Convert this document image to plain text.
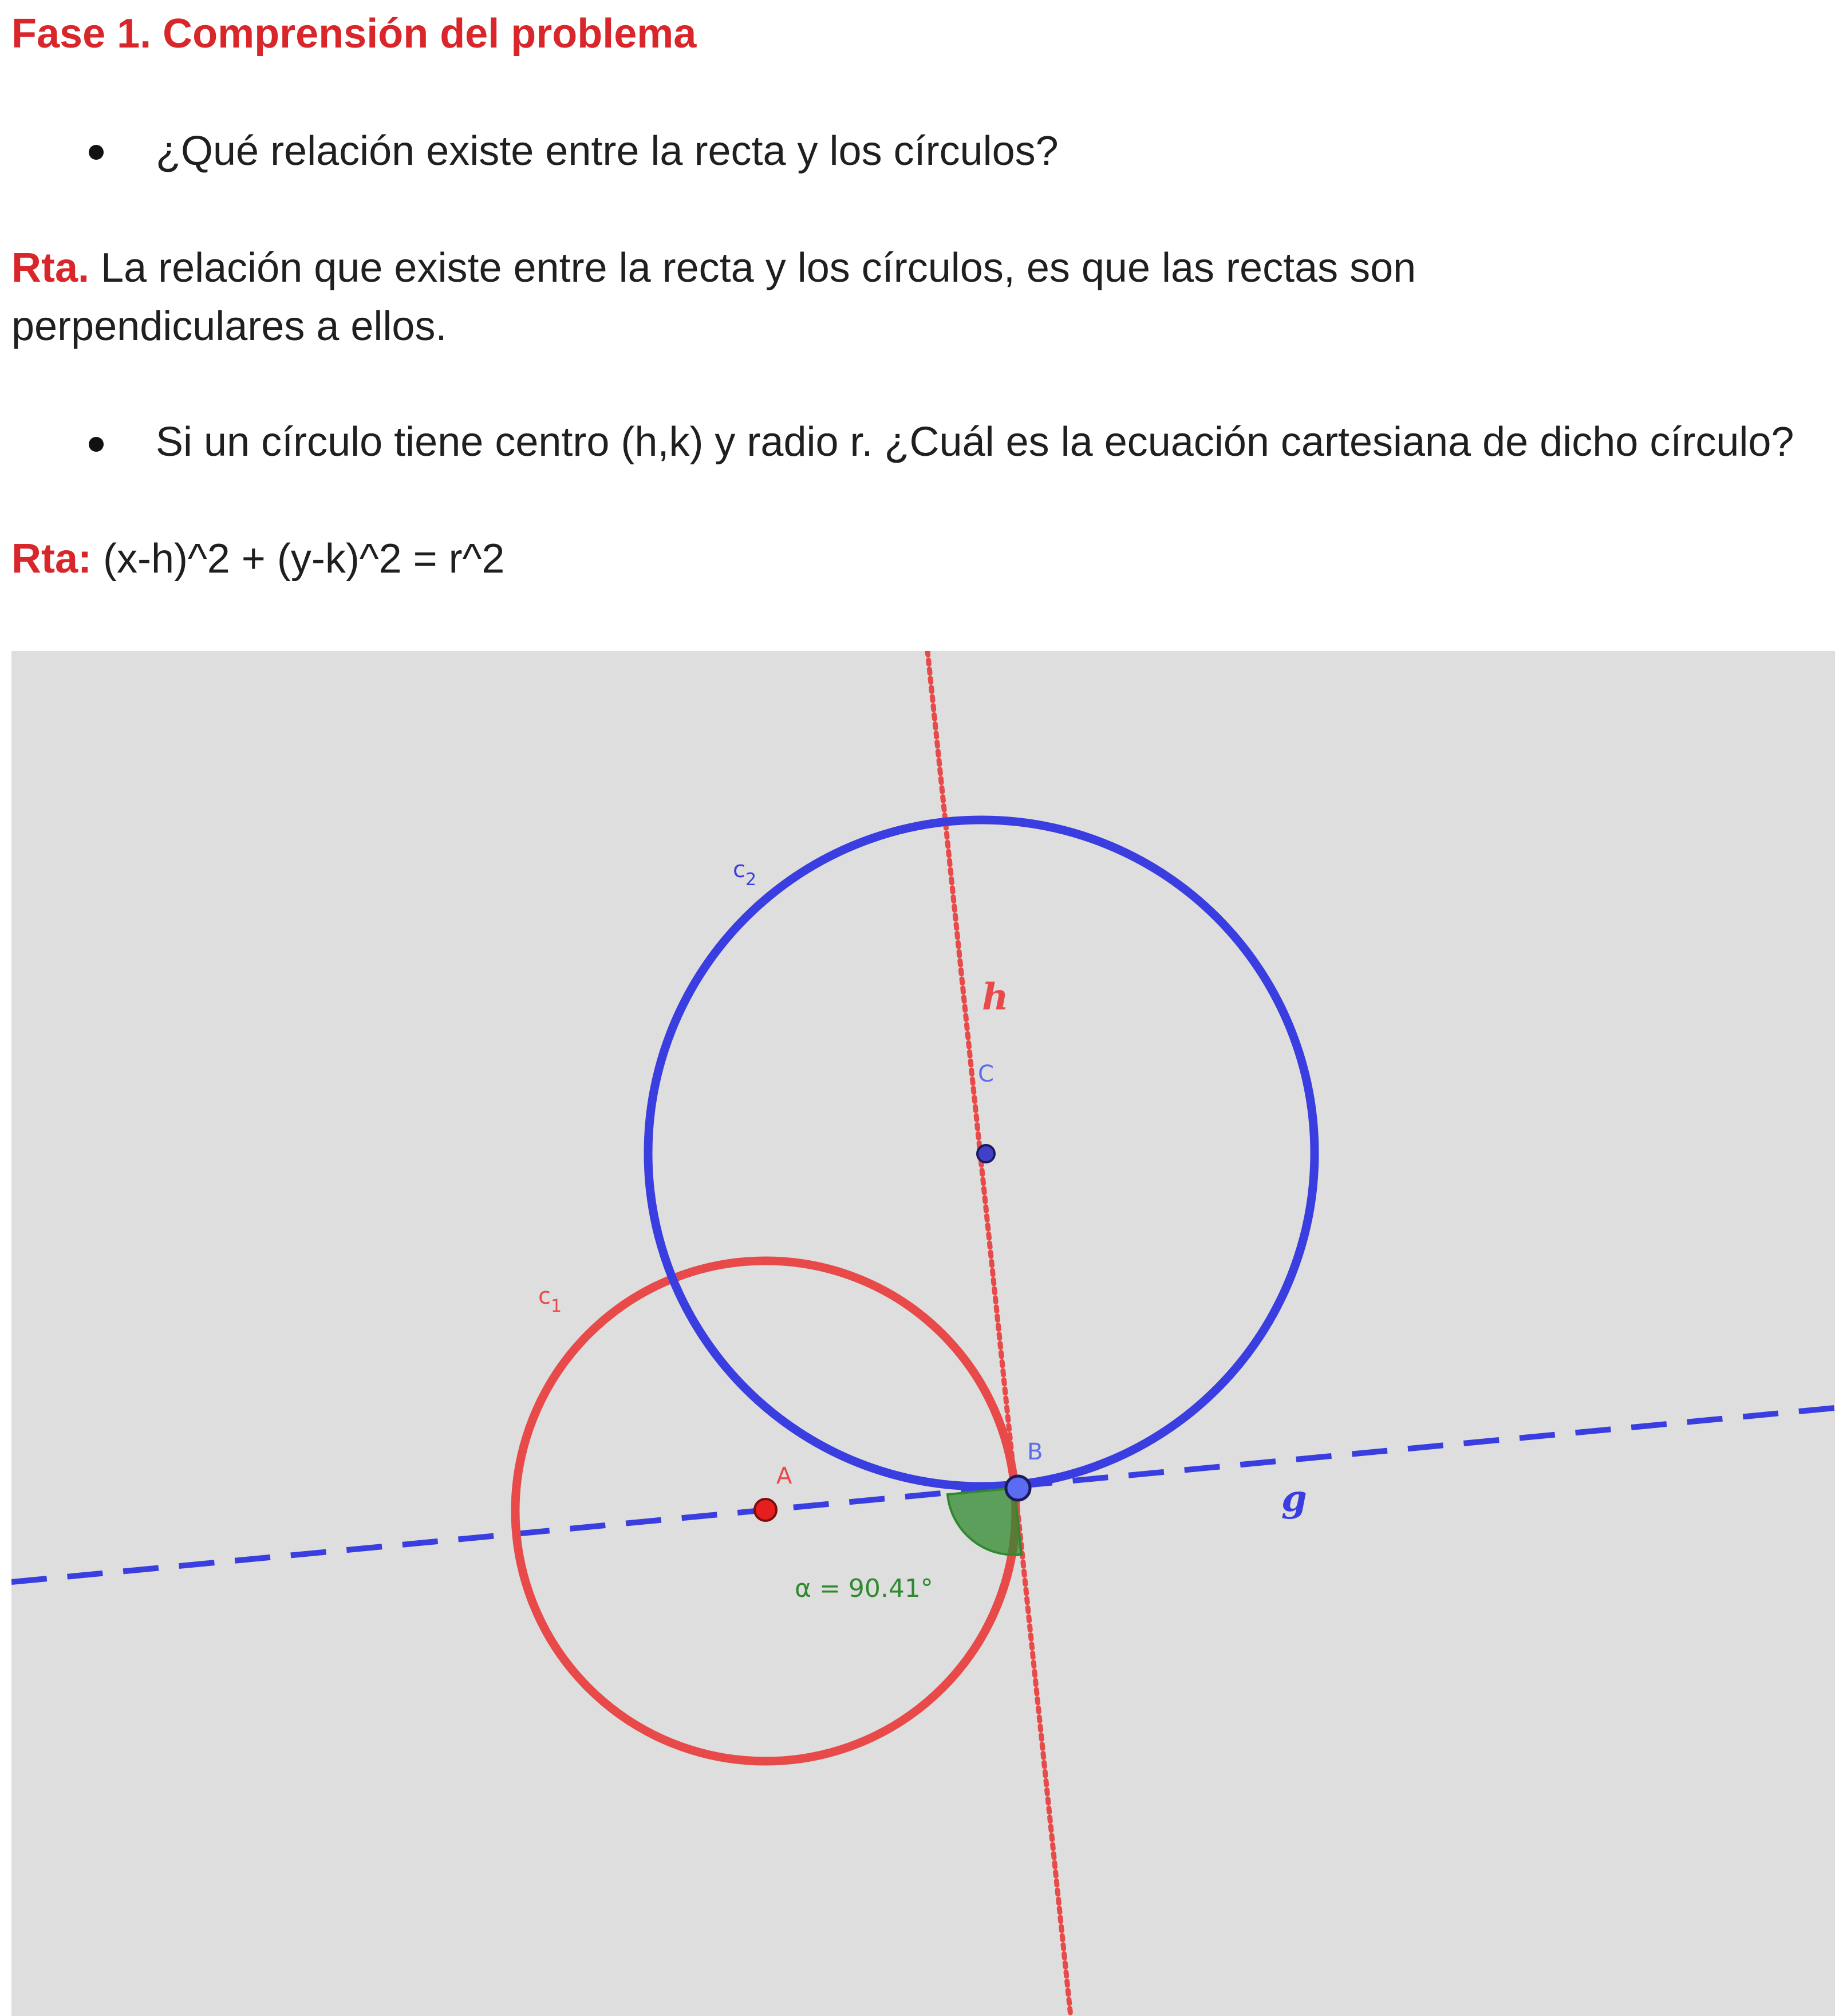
Fase 1. Comprensión del problema

¿Qué relación existe entre la recta y los círculos?

Rta. La relación que existe entre la recta y los círculos, es que las rectas son perpendiculares a ellos.

Si un círculo tiene centro (h,k) y radio r. ¿Cuál es la ecuación cartesiana de dicho círculo?

Rta: (x-h)^2 + (y-k)^2 = r^2

$c_2$
$c_1$
h
C
A
B
g
α = 90.41°
